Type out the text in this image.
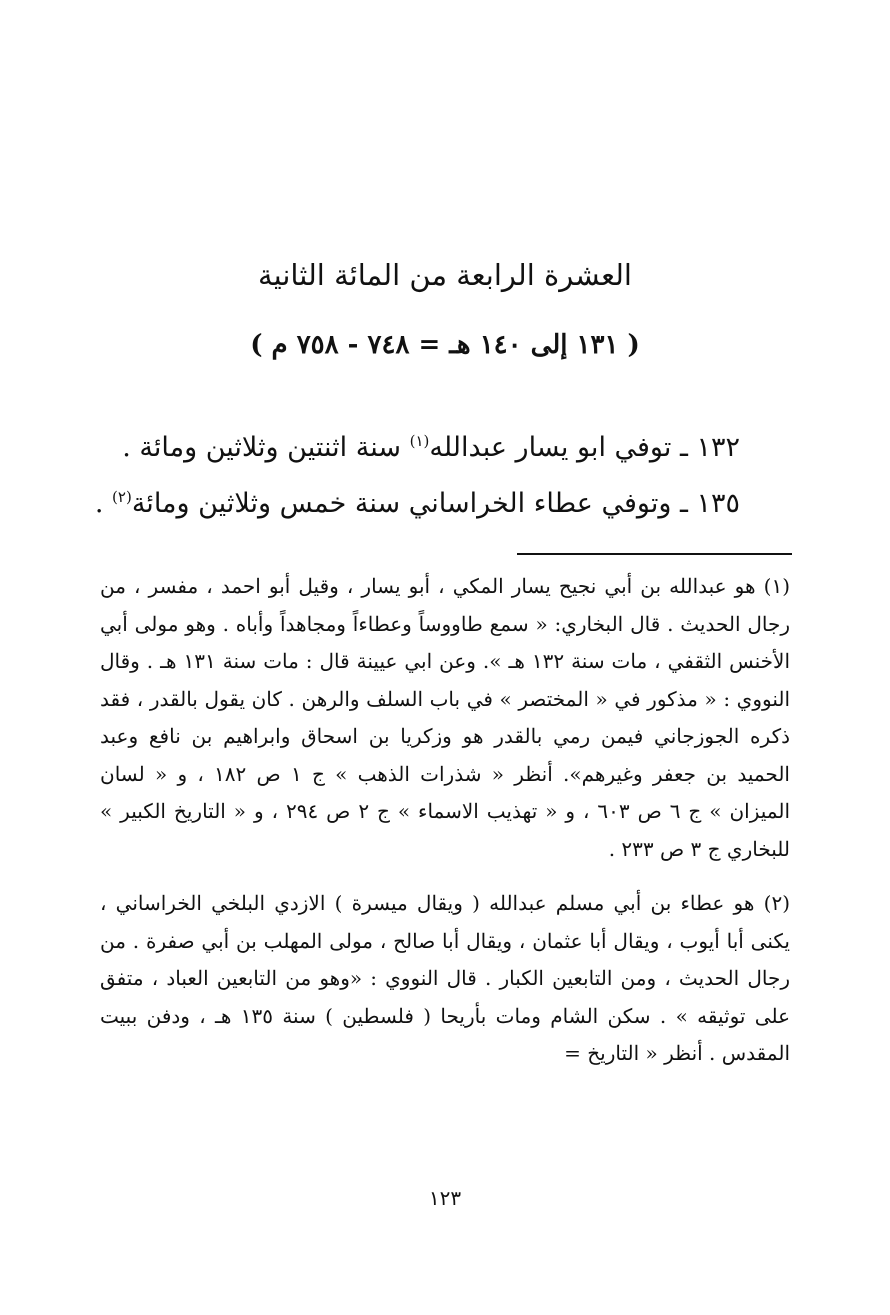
العشرة الرابعة من المائة الثانية
( ١٣١ إلى ١٤٠ هـ = ٧٤٨ - ٧٥٨ م )
١٣٢ ـ توفي ابو يسار عبدالله$^{(١)}$ سنة اثنتين وثلاثين ومائة .
١٣٥ ـ وتوفي عطاء الخراساني سنة خمس وثلاثين ومائة$^{(٢)}$ .

(١) هو عبدالله بن أبي نجيح يسار المكي ، أبو يسار ، وقيل أبو احمد ، مفسر ، من رجال الحديث . قال البخاري: « سمع طاووساً وعطاءاً ومجاهداً وأباه . وهو مولى أبي الأخنس الثقفي ، مات سنة ١٣٢ هـ ». وعن ابي عيينة قال : مات سنة ١٣١ هـ . وقال النووي : « مذكور في « المختصر » في باب السلف والرهن . كان يقول بالقدر ، فقد ذكره الجوزجاني فيمن رمي بالقدر هو وزكريا بن اسحاق وابراهيم بن نافع وعبد الحميد بن جعفر وغيرهم». أنظر « شذرات الذهب » ج ١ ص ١٨٢ ، و « لسان الميزان » ج ٦ ص ٦٠٣ ، و « تهذيب الاسماء » ج ٢ ص ٢٩٤ ، و « التاريخ الكبير » للبخاري ج ٣ ص ٢٣٣ .

(٢) هو عطاء بن أبي مسلم عبدالله ( ويقال ميسرة ) الازدي البلخي الخراساني ، يكنى أبا أيوب ، ويقال أبا عثمان ، ويقال أبا صالح ، مولى المهلب بن أبي صفرة . من رجال الحديث ، ومن التابعين الكبار . قال النووي : «وهو من التابعين العباد ، متفق على توثيقه » . سكن الشام ومات بأريحا ( فلسطين ) سنة ١٣٥ هـ ، ودفن ببيت المقدس . أنظر « التاريخ =

١٢٣
